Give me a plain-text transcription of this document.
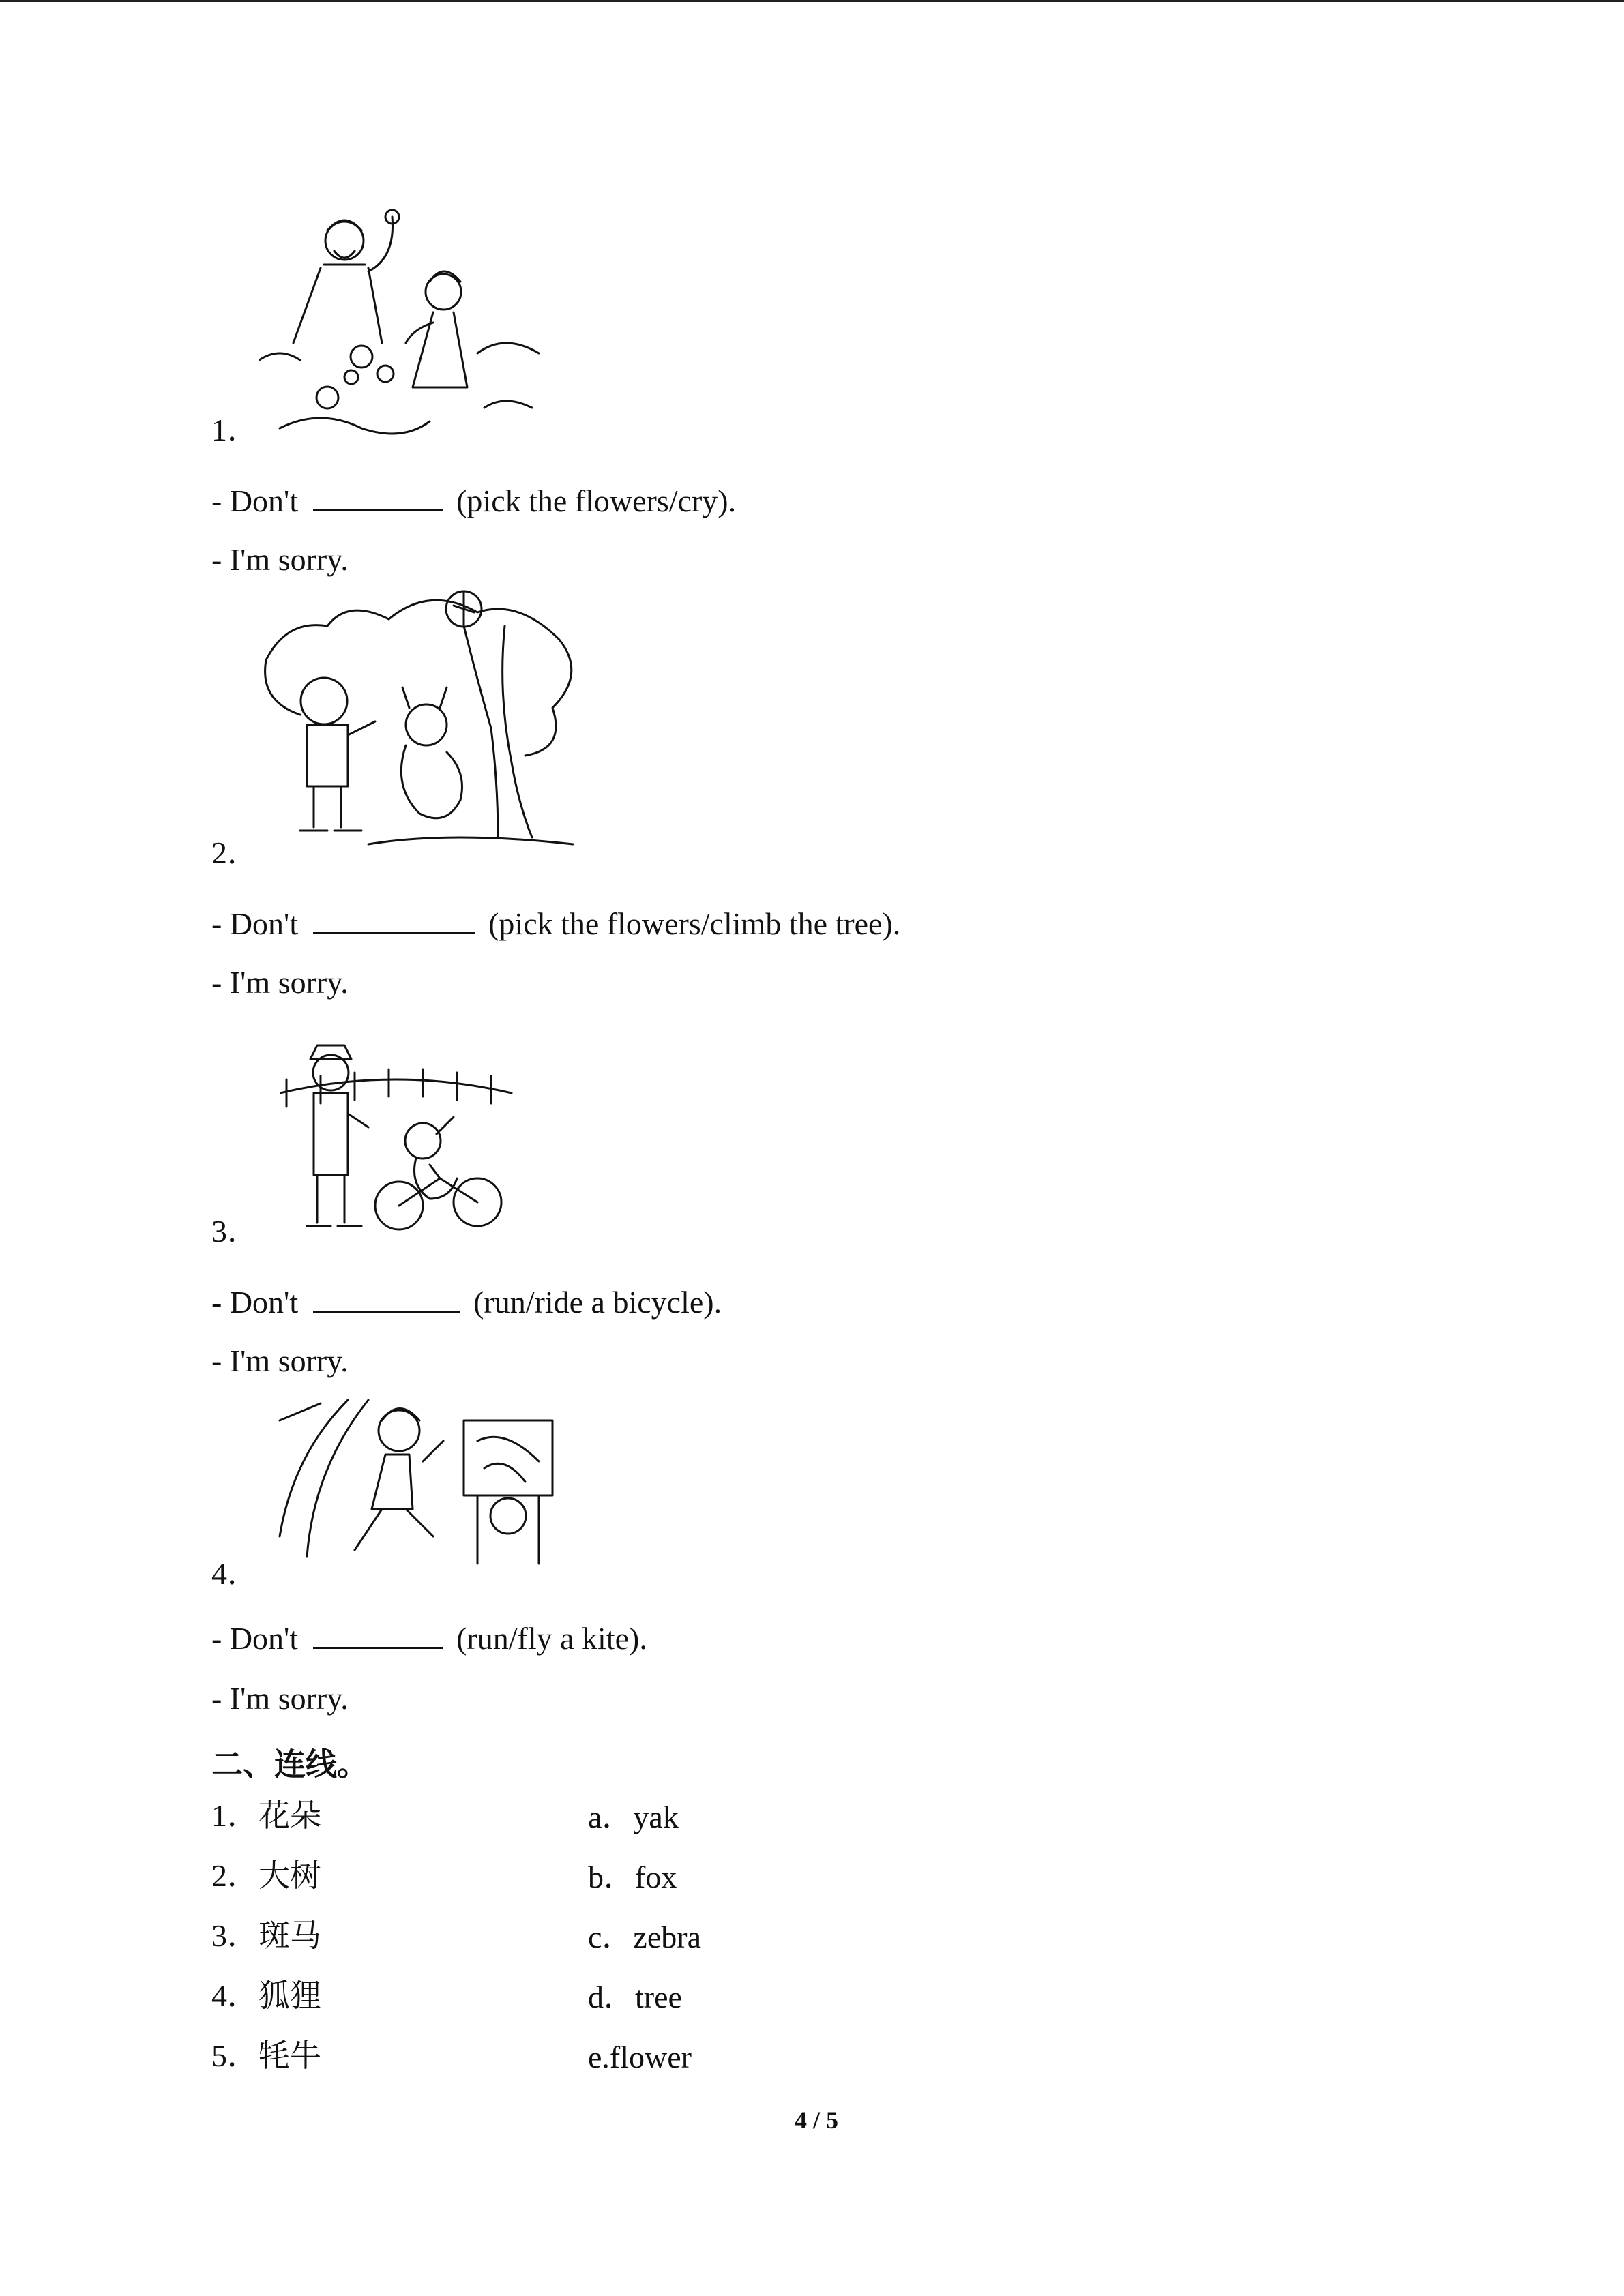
1．
- Don't	(pick the flowers/cry).
- I'm sorry.
2．
- Don't	(pick the flowers/climb the tree).
- I'm sorry.
3．
- Don't	(run/ride a bicycle).
- I'm sorry.
4．
- Don't	(run/fly a kite).
- I'm sorry.
二、连线。
1．花朵	a．yak
2．大树	b．fox
3．斑马	c．zebra
4．狐狸	d．tree
5．牦牛	e.flower
4 / 5
